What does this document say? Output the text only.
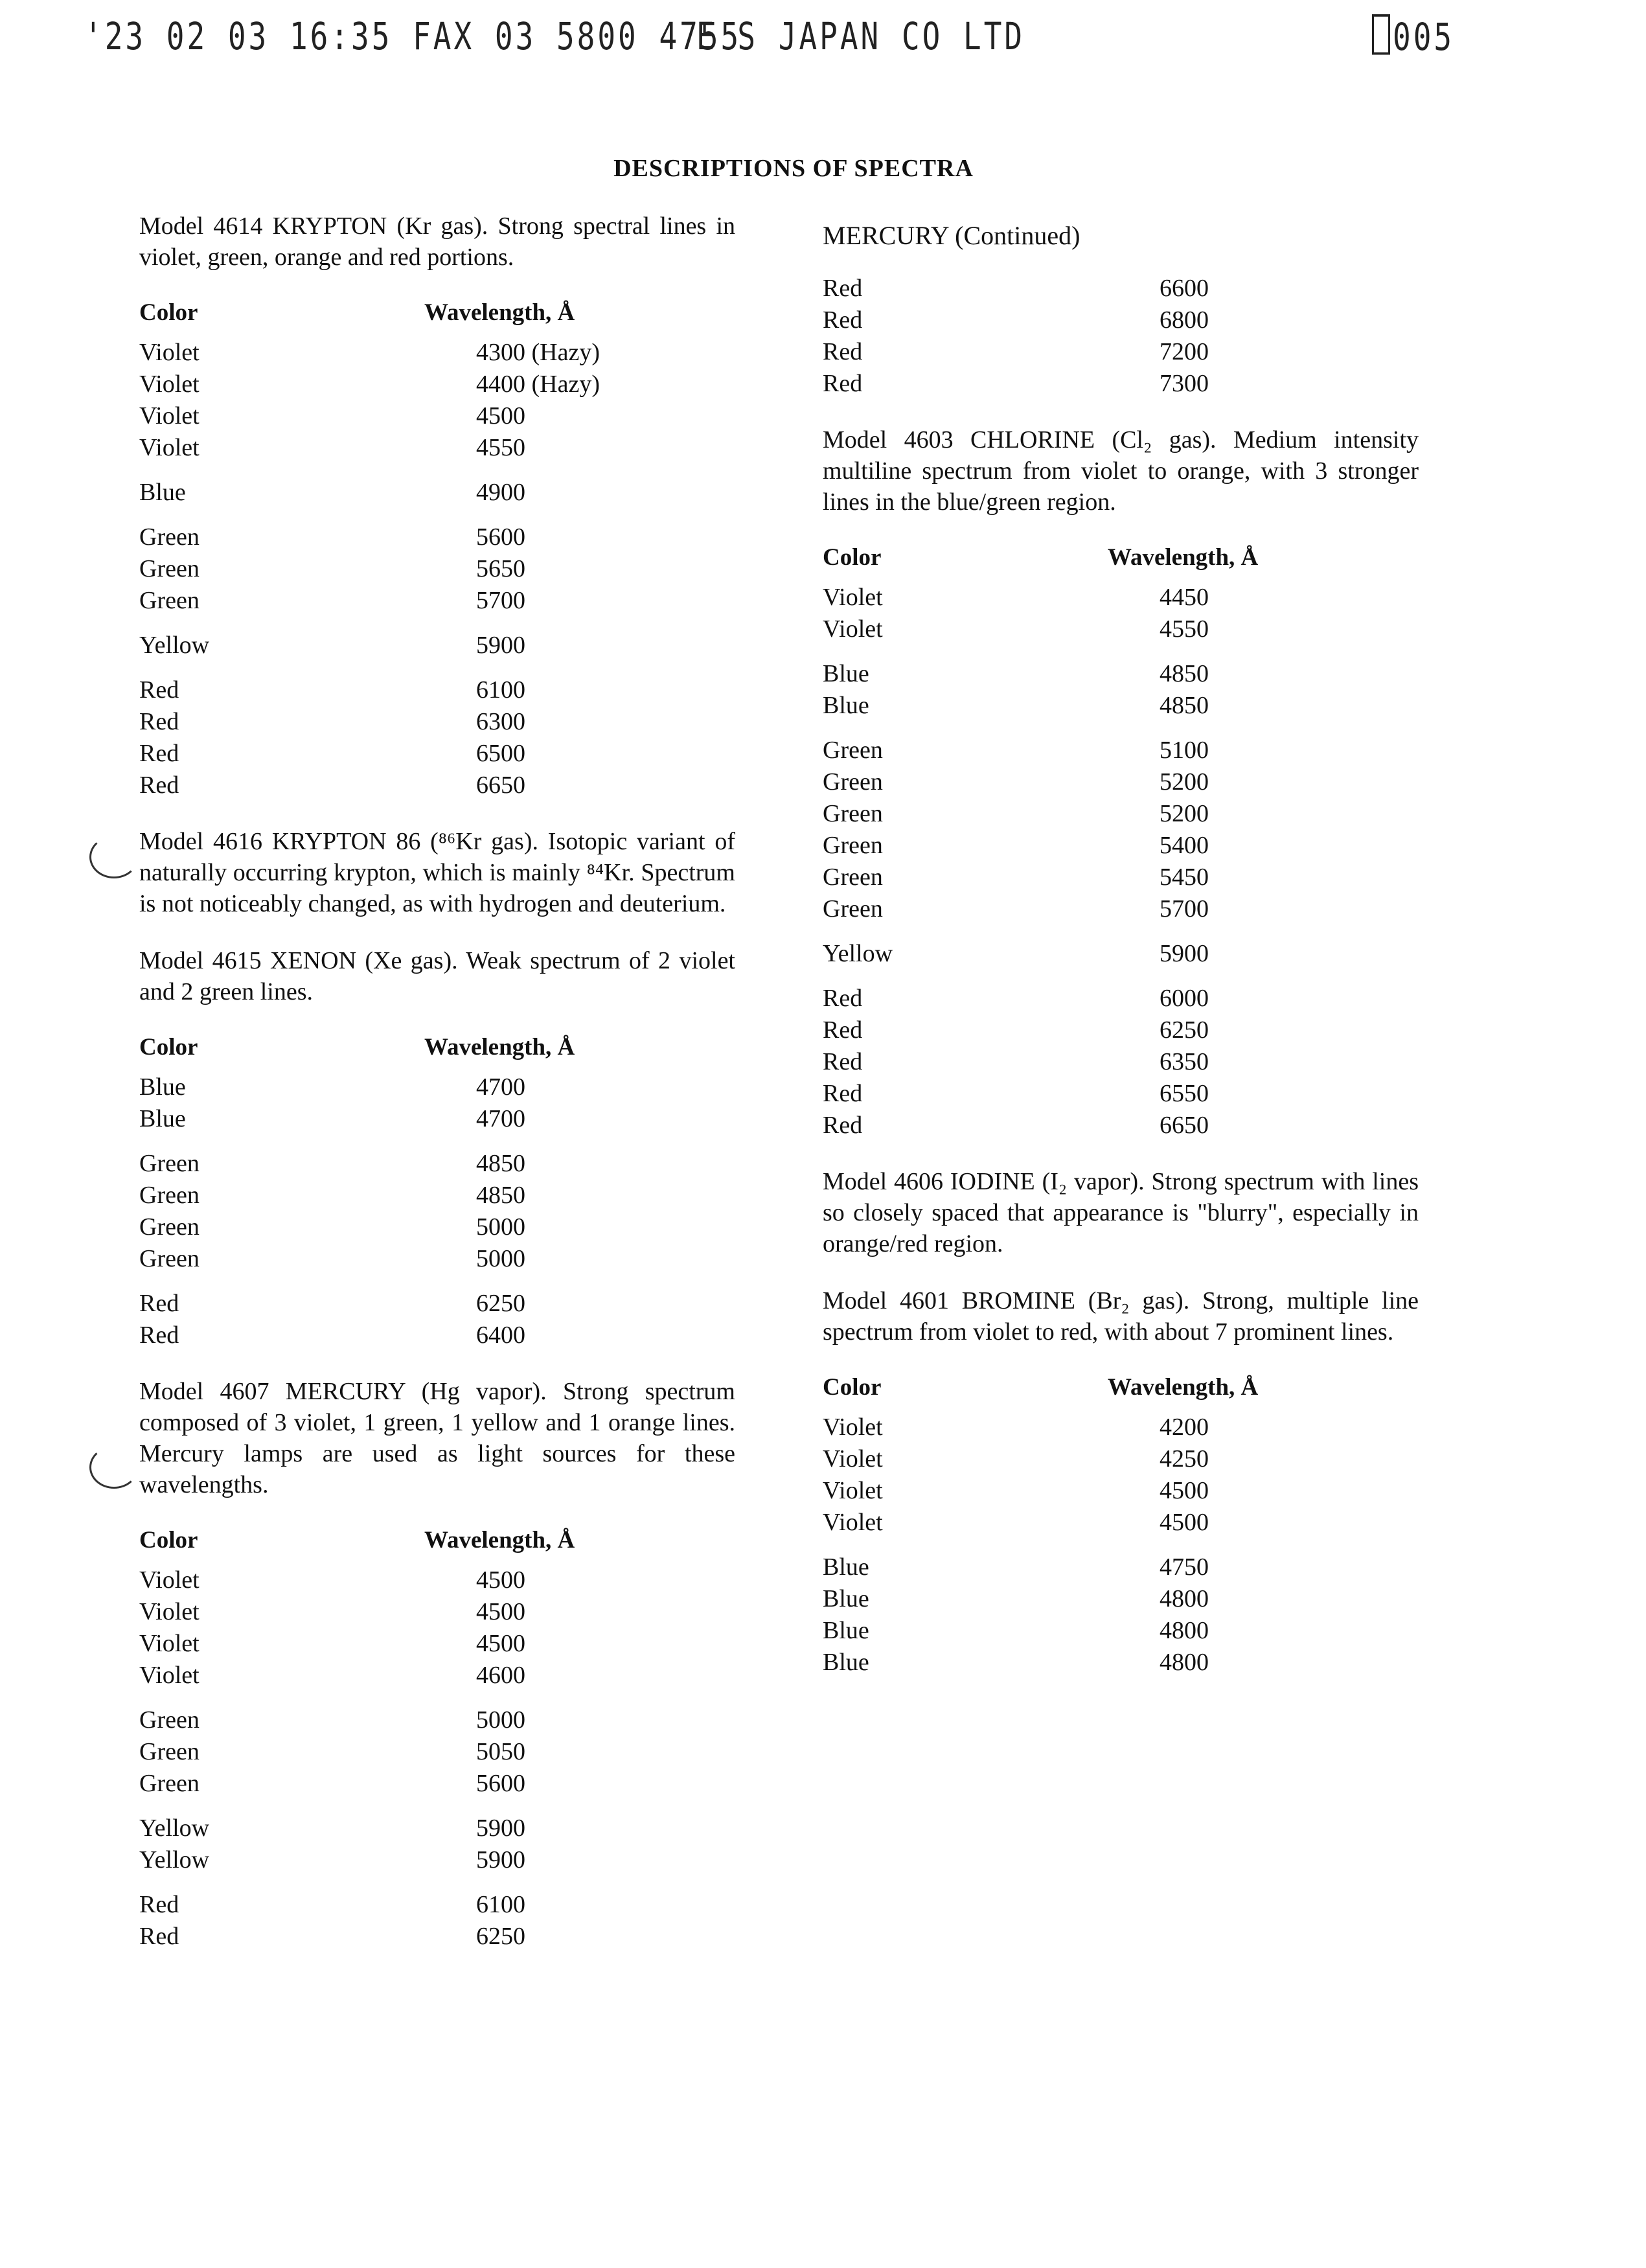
'23 02 03 16:35 FAX 03 5800 4755
E S JAPAN CO LTD	005
DESCRIPTIONS OF SPECTRA

Model 4614 KRYPTON (Kr gas). Strong spectral lines in violet, green, orange and red portions.

Color	Wavelength, Å
Violet	4300 (Hazy)
Violet	4400 (Hazy)
Violet	4500
Violet	4550
Blue	4900
Green	5600
Green	5650
Green	5700
Yellow	5900
Red	6100
Red	6300
Red	6500
Red	6650

Model 4616 KRYPTON 86 (⁸⁶Kr gas). Isotopic variant of naturally occurring krypton, which is mainly ⁸⁴Kr. Spectrum is not noticeably changed, as with hydrogen and deuterium.

Model 4615 XENON (Xe gas). Weak spectrum of 2 violet and 2 green lines.

Color	Wavelength, Å
Blue	4700
Blue	4700
Green	4850
Green	4850
Green	5000
Green	5000
Red	6250
Red	6400

Model 4607 MERCURY (Hg vapor). Strong spectrum composed of 3 violet, 1 green, 1 yellow and 1 orange lines. Mercury lamps are used as light sources for these wavelengths.

Color	Wavelength, Å
Violet	4500
Violet	4500
Violet	4500
Violet	4600
Green	5000
Green	5050
Green	5600
Yellow	5900
Yellow	5900
Red	6100
Red	6250

MERCURY (Continued)

Red	6600
Red	6800
Red	7200
Red	7300

Model 4603 CHLORINE (Cl₂ gas). Medium intensity multiline spectrum from violet to orange, with 3 stronger lines in the blue/green region.

Color	Wavelength, Å
Violet	4450
Violet	4550
Blue	4850
Blue	4850
Green	5100
Green	5200
Green	5200
Green	5400
Green	5450
Green	5700
Yellow	5900
Red	6000
Red	6250
Red	6350
Red	6550
Red	6650

Model 4606 IODINE (I₂ vapor). Strong spectrum with lines so closely spaced that appearance is "blurry", especially in orange/red region.

Model 4601 BROMINE (Br₂ gas). Strong, multiple line spectrum from violet to red, with about 7 prominent lines.

Color	Wavelength, Å
Violet	4200
Violet	4250
Violet	4500
Violet	4500
Blue	4750
Blue	4800
Blue	4800
Blue	4800
